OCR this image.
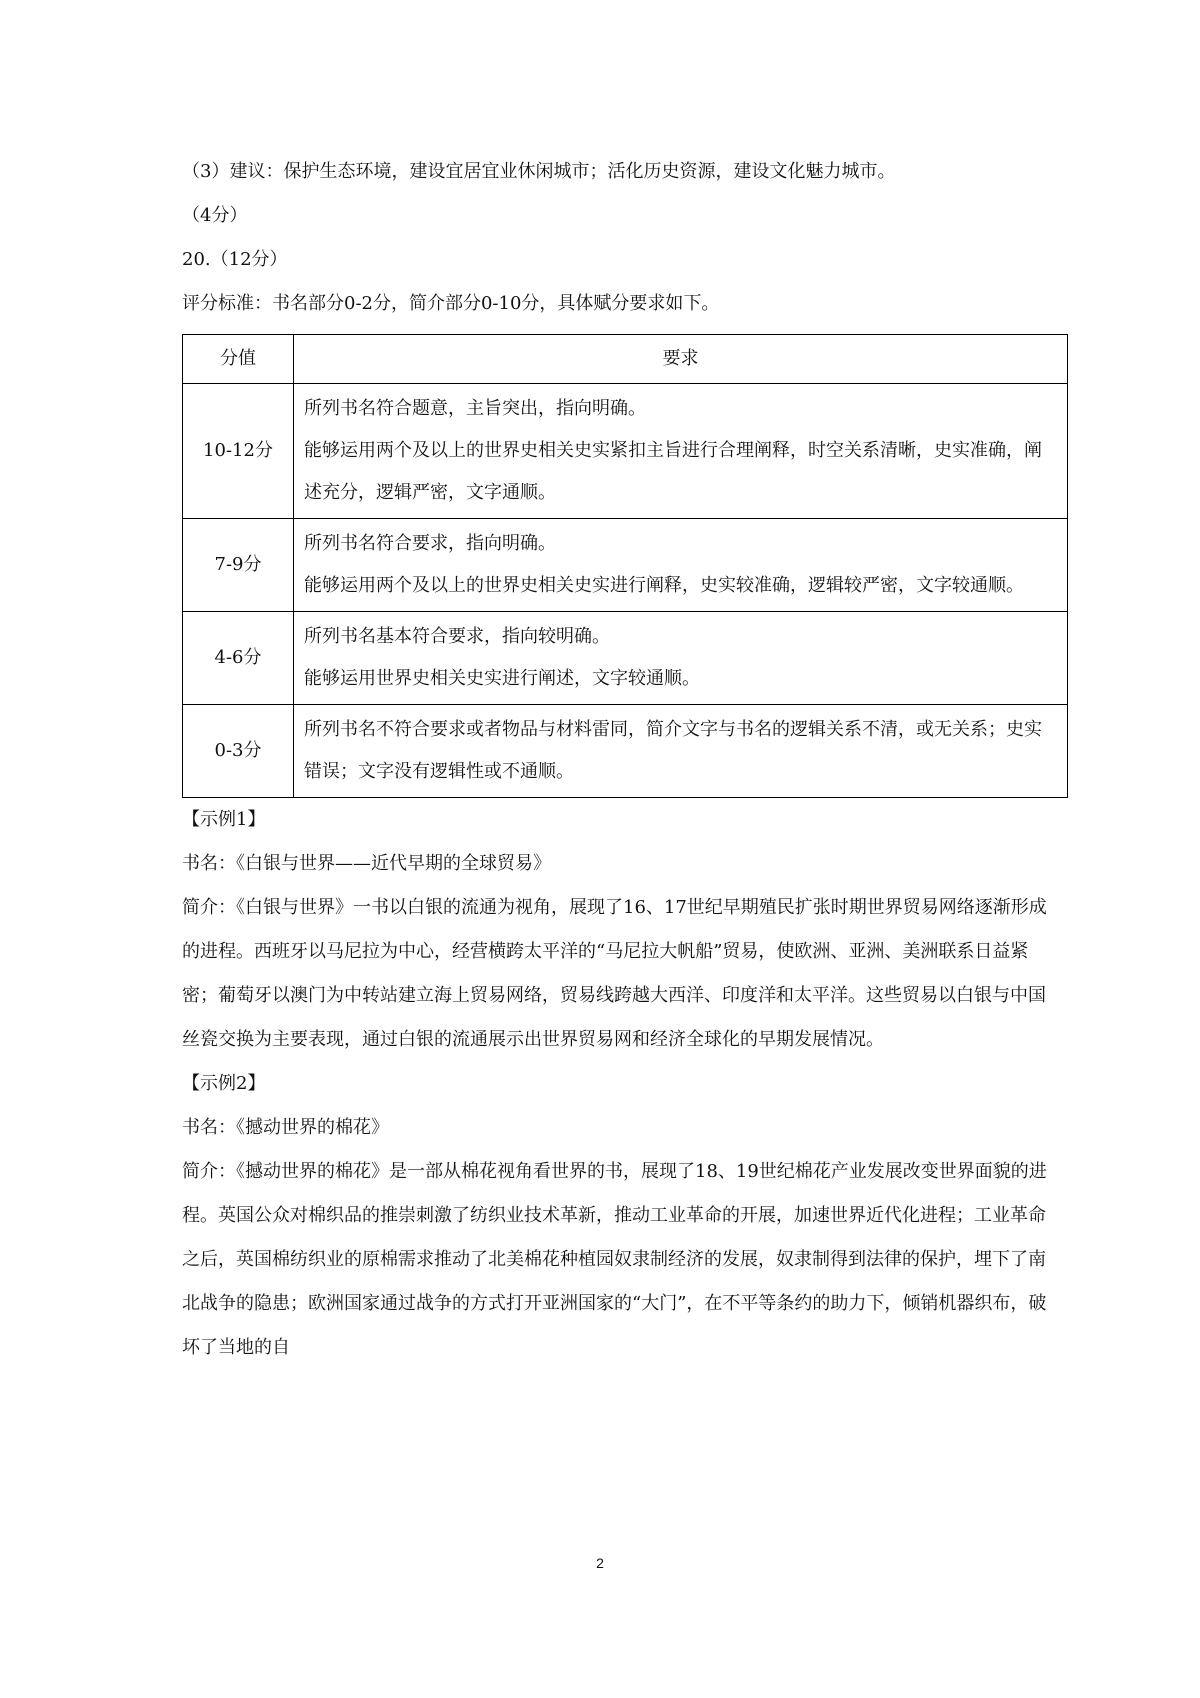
（3）建议：保护生态环境，建设宜居宜业休闲城市；活化历史资源，建设文化魅力城市。

（4分）

20.（12分）

评分标准：书名部分0-2分，简介部分0-10分，具体赋分要求如下。

分值	要求
10-12分	所列书名符合题意，主旨突出，指向明确。
能够运用两个及以上的世界史相关史实紧扣主旨进行合理阐释，时空关系清晰，史实准确，阐述充分，逻辑严密，文字通顺。

7-9分	所列书名符合要求，指向明确。
能够运用两个及以上的世界史相关史实进行阐释，史实较准确，逻辑较严密，文字较通顺。

4-6分	所列书名基本符合要求，指向较明确。
能够运用世界史相关史实进行阐述，文字较通顺。

0-3分	所列书名不符合要求或者物品与材料雷同，简介文字与书名的逻辑关系不清，或无关系；史实错误；文字没有逻辑性或不通顺。

【示例1】

书名：《白银与世界——近代早期的全球贸易》

简介：《白银与世界》一书以白银的流通为视角，展现了16、17世纪早期殖民扩张时期世界贸易网络逐渐形成的进程。西班牙以马尼拉为中心，经营横跨太平洋的“马尼拉大帆船”贸易，使欧洲、亚洲、美洲联系日益紧密；葡萄牙以澳门为中转站建立海上贸易网络，贸易线跨越大西洋、印度洋和太平洋。这些贸易以白银与中国丝瓷交换为主要表现，通过白银的流通展示出世界贸易网和经济全球化的早期发展情况。

【示例2】

书名：《撼动世界的棉花》

简介：《撼动世界的棉花》是一部从棉花视角看世界的书，展现了18、19世纪棉花产业发展改变世界面貌的进程。英国公众对棉织品的推崇刺激了纺织业技术革新，推动工业革命的开展，加速世界近代化进程；工业革命之后，英国棉纺织业的原棉需求推动了北美棉花种植园奴隶制经济的发展，奴隶制得到法律的保护，埋下了南北战争的隐患；欧洲国家通过战争的方式打开亚洲国家的“大门”，在不平等条约的助力下，倾销机器织布，破坏了当地的自

2
